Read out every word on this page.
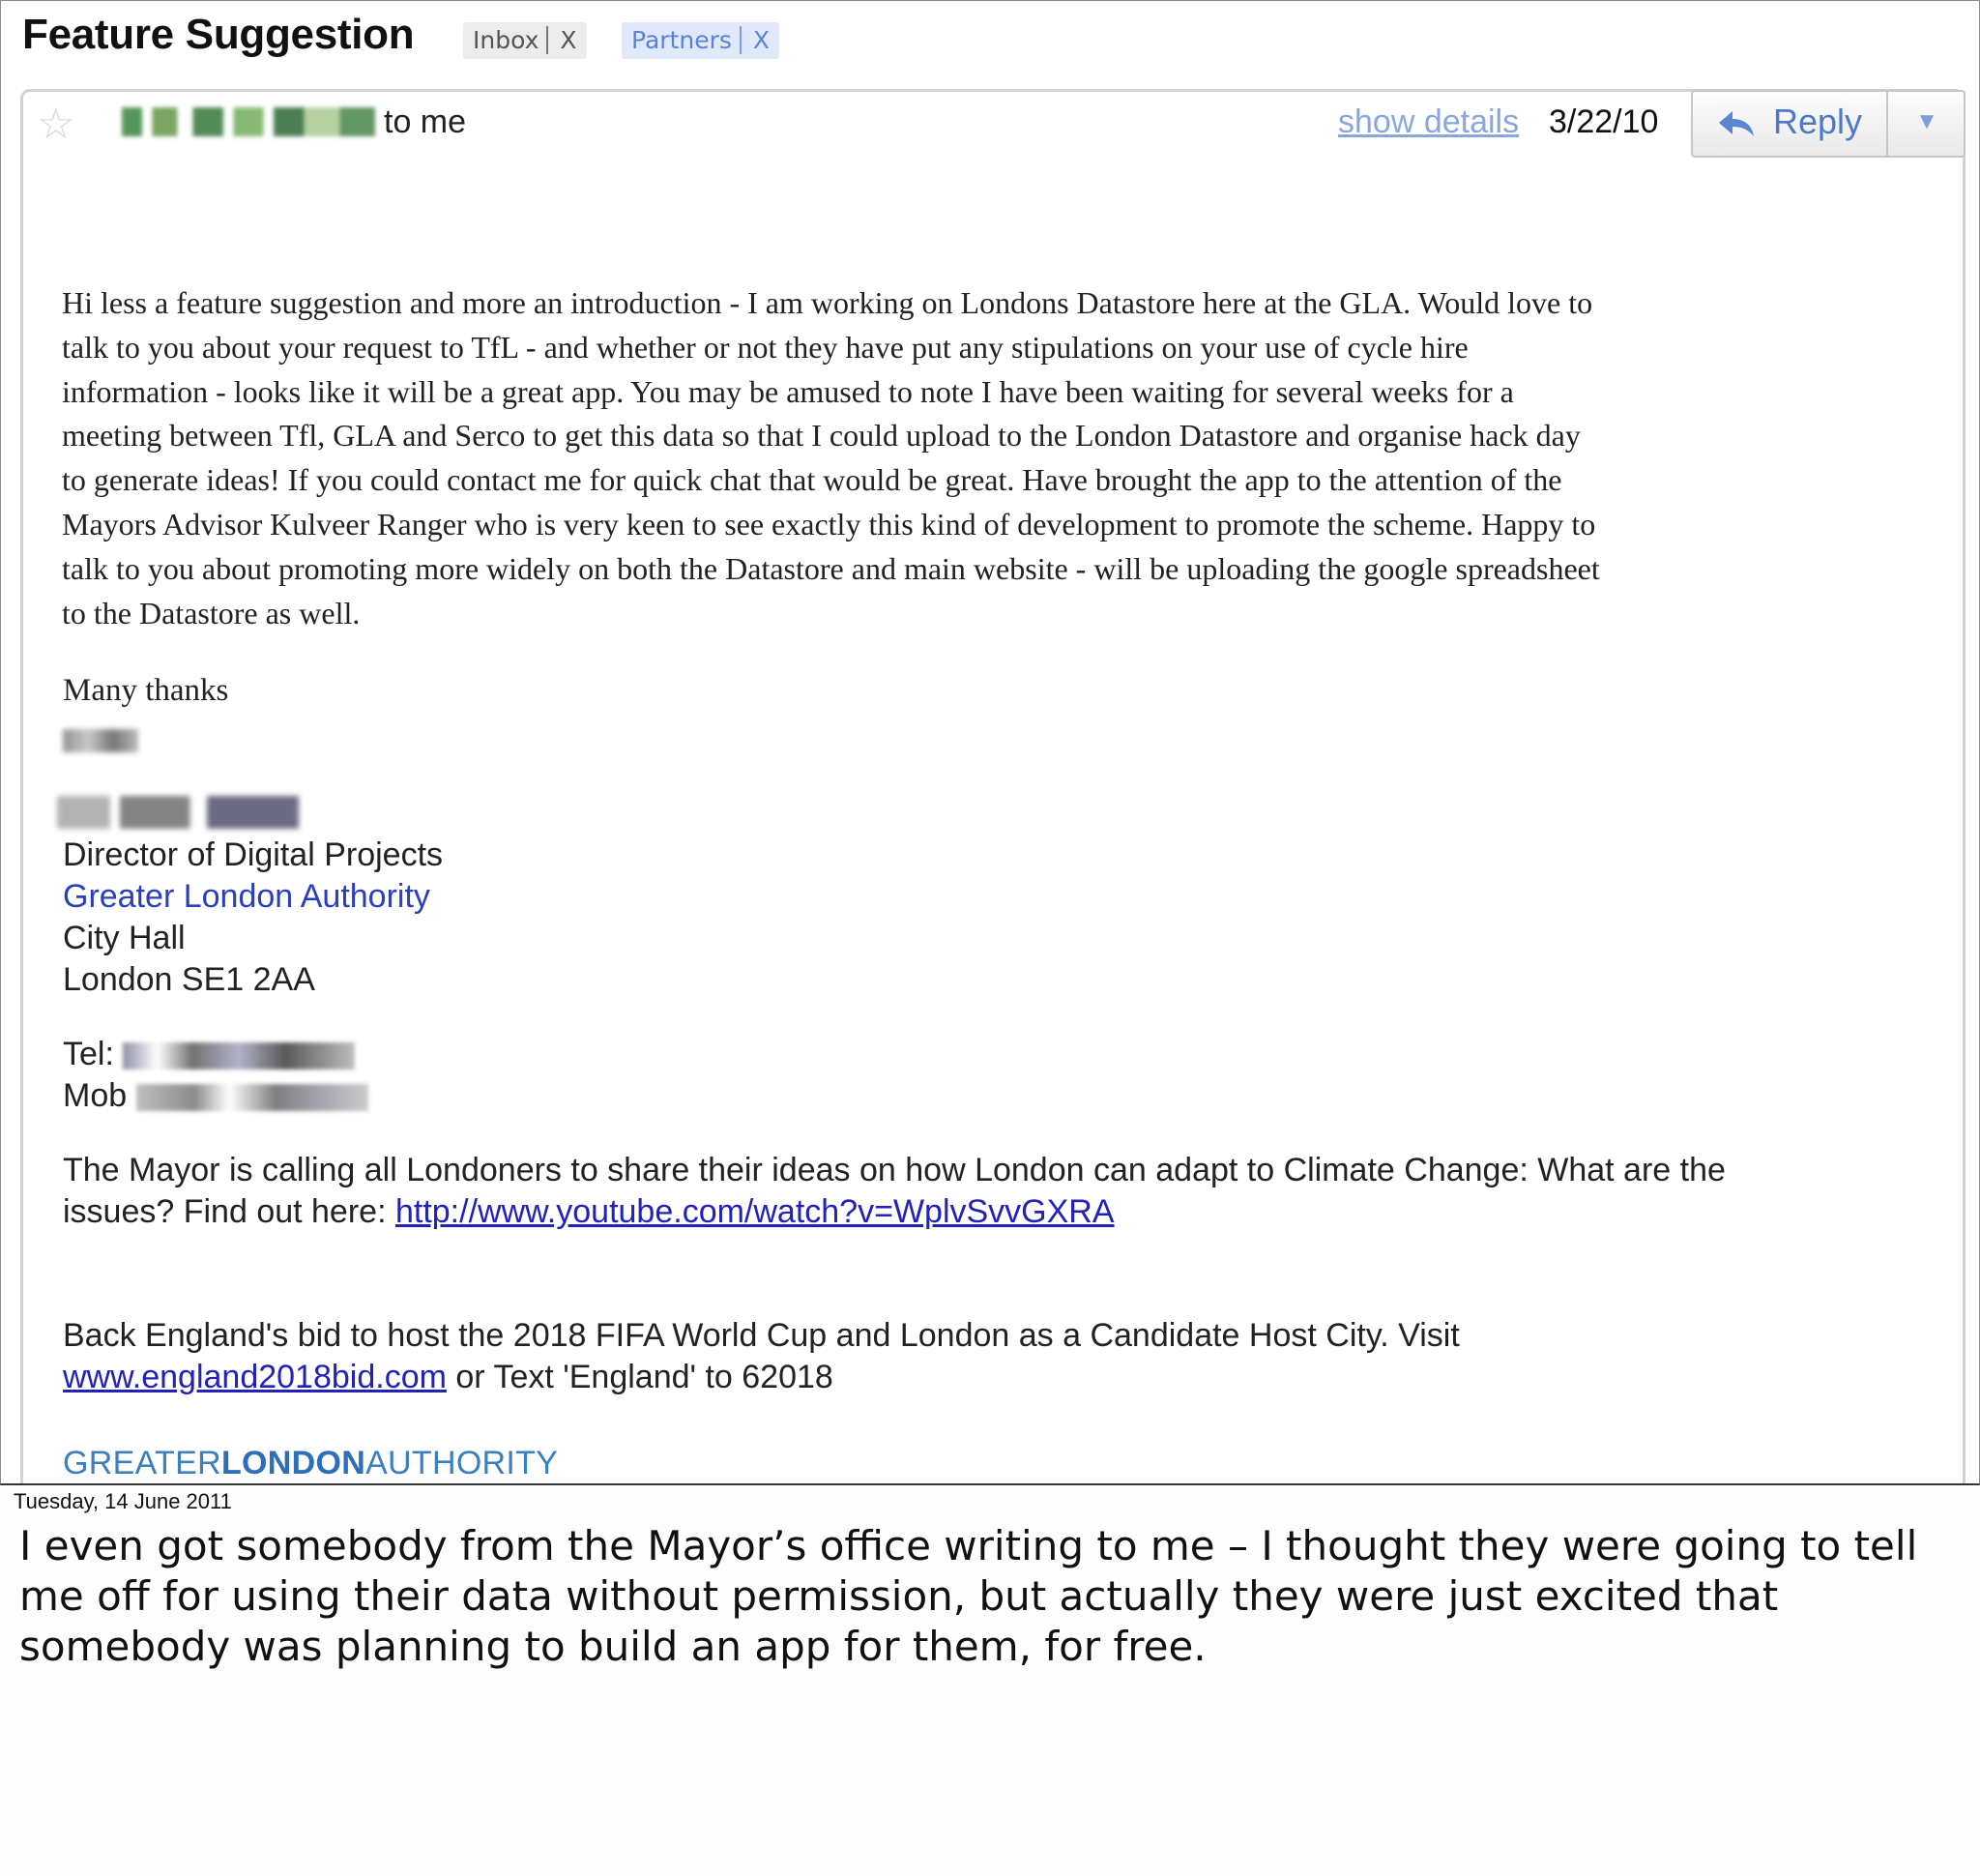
Feature Suggestion	Inbox X	Partners X
☆	to me	show details 3/22/10	Reply	▼
Hi less a feature suggestion and more an introduction - I am working on Londons Datastore here at the GLA. Would love to
talk to you about your request to TfL - and whether or not they have put any stipulations on your use of cycle hire
information - looks like it will be a great app. You may be amused to note I have been waiting for several weeks for a
meeting between Tfl, GLA and Serco to get this data so that I could upload to the London Datastore and organise hack day
to generate ideas! If you could contact me for quick chat that would be great. Have brought the app to the attention of the
Mayors Advisor Kulveer Ranger who is very keen to see exactly this kind of development to promote the scheme. Happy to
talk to you about promoting more widely on both the Datastore and main website - will be uploading the google spreadsheet
to the Datastore as well.
Many thanks
Director of Digital Projects
Greater London Authority
City Hall
London SE1 2AA
Tel:
Mob
The Mayor is calling all Londoners to share their ideas on how London can adapt to Climate Change: What are the
issues? Find out here: http://www.youtube.com/watch?v=WplvSvvGXRA
Back England's bid to host the 2018 FIFA World Cup and London as a Candidate Host City. Visit
www.england2018bid.com or Text 'England' to 62018
GREATERLONDONAUTHORITY
Tuesday, 14 June 2011
I even got somebody from the Mayor’s office writing to me – I thought they were going to tell me off for using their data without permission, but actually they were just excited that somebody was planning to build an app for them, for free.
